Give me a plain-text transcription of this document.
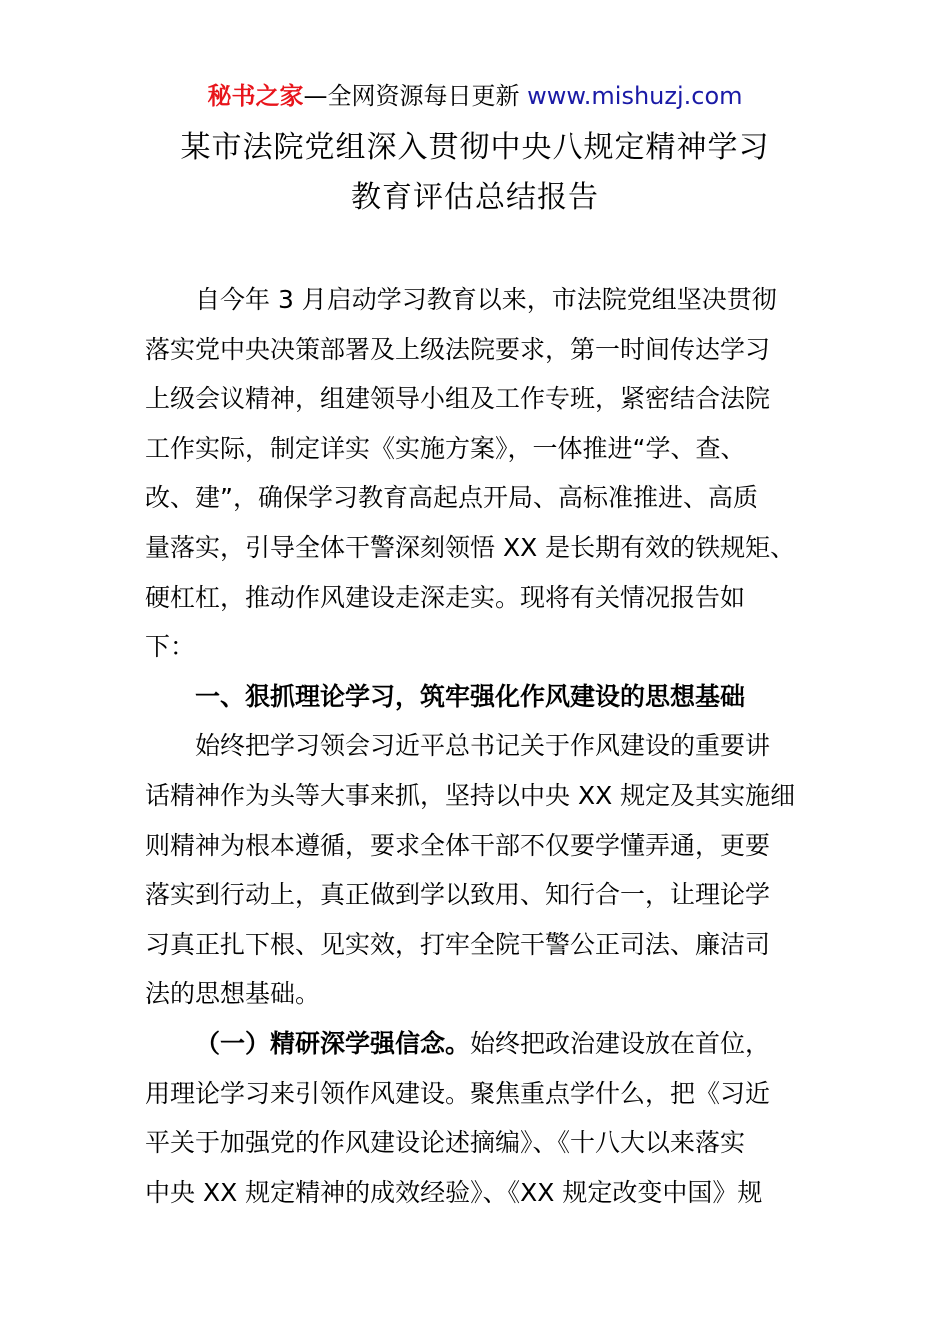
秘书之家—全网资源每日更新 www.mishuzj.com
某市法院党组深入贯彻中央八规定精神学习
教育评估总结报告
自今年 3 月启动学习教育以来，市法院党组坚决贯彻
落实党中央决策部署及上级法院要求，第一时间传达学习
上级会议精神，组建领导小组及工作专班，紧密结合法院
工作实际，制定详实《实施方案》，一体推进“学、查、
改、建”，确保学习教育高起点开局、高标准推进、高质
量落实，引导全体干警深刻领悟 XX 是长期有效的铁规矩、
硬杠杠，推动作风建设走深走实。现将有关情况报告如
下：
一、狠抓理论学习，筑牢强化作风建设的思想基础
始终把学习领会习近平总书记关于作风建设的重要讲
话精神作为头等大事来抓，坚持以中央 XX 规定及其实施细
则精神为根本遵循，要求全体干部不仅要学懂弄通，更要
落实到行动上，真正做到学以致用、知行合一，让理论学
习真正扎下根、见实效，打牢全院干警公正司法、廉洁司
法的思想基础。
（一）精研深学强信念。始终把政治建设放在首位，
用理论学习来引领作风建设。聚焦重点学什么，把《习近
平关于加强党的作风建设论述摘编》、《十八大以来落实
中央 XX 规定精神的成效经验》、《XX 规定改变中国》规
